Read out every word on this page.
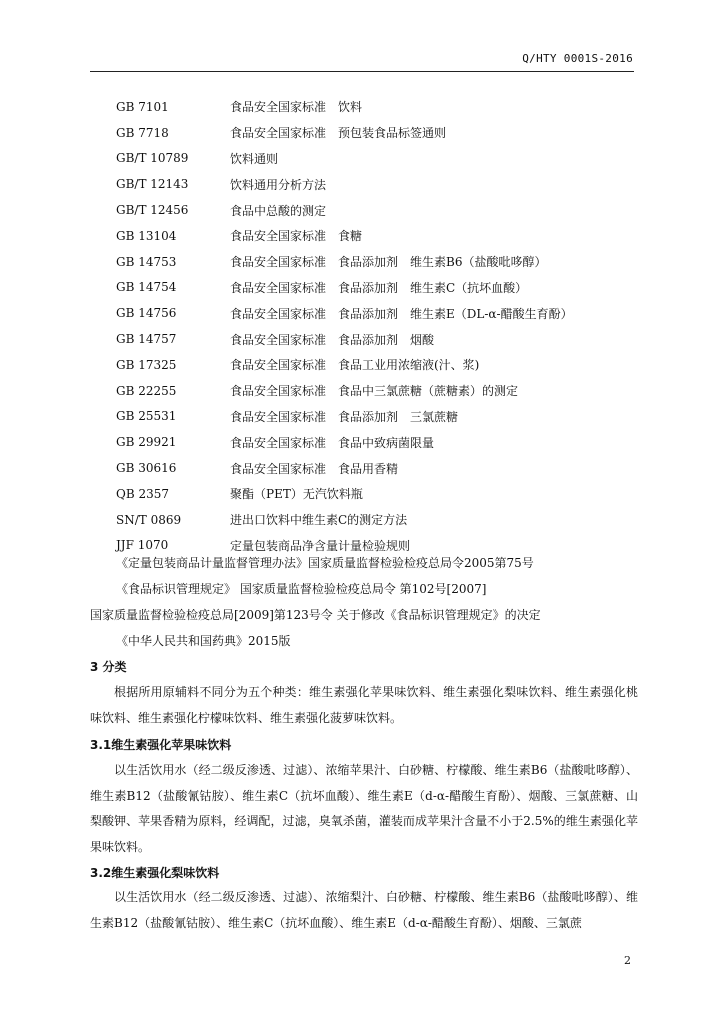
Q/HTY 0001S-2016
GB 7101	食品安全国家标准　饮料
GB 7718	食品安全国家标准　预包装食品标签通则
GB/T 10789	饮料通则
GB/T 12143	饮料通用分析方法
GB/T 12456	食品中总酸的测定
GB 13104	食品安全国家标准　食糖
GB 14753	食品安全国家标准　食品添加剂　维生素B6（盐酸吡哆醇）
GB 14754	食品安全国家标准　食品添加剂　维生素C（抗坏血酸）
GB 14756	食品安全国家标准　食品添加剂　维生素E（DL-α-醋酸生育酚）
GB 14757	食品安全国家标准　食品添加剂　烟酸
GB 17325	食品安全国家标准　食品工业用浓缩液(汁、浆)
GB 22255	食品安全国家标准　食品中三氯蔗糖（蔗糖素）的测定
GB 25531	食品安全国家标准　食品添加剂　三氯蔗糖
GB 29921	食品安全国家标准　食品中致病菌限量
GB 30616	食品安全国家标准　食品用香精
QB 2357	聚酯（PET）无汽饮料瓶
SN/T 0869	进出口饮料中维生素C的测定方法
JJF 1070	定量包装商品净含量计量检验规则
《定量包装商品计量监督管理办法》国家质量监督检验检疫总局令2005第75号
《食品标识管理规定》 国家质量监督检验检疫总局令 第102号[2007]
国家质量监督检验检疫总局[2009]第123号令 关于修改《食品标识管理规定》的决定
《中华人民共和国药典》2015版
3 分类
根据所用原辅料不同分为五个种类：维生素强化苹果味饮料、维生素强化梨味饮料、维生素强化桃味饮料、维生素强化柠檬味饮料、维生素强化菠萝味饮料。
3.1维生素强化苹果味饮料
以生活饮用水（经二级反渗透、过滤）、浓缩苹果汁、白砂糖、柠檬酸、维生素B6（盐酸吡哆醇）、维生素B12（盐酸氰钴胺）、维生素C（抗坏血酸）、维生素E（d-α-醋酸生育酚）、烟酸、三氯蔗糖、山梨酸钾、苹果香精为原料，经调配，过滤，臭氧杀菌，灌装而成苹果汁含量不小于2.5%的维生素强化苹果味饮料。
3.2维生素强化梨味饮料
以生活饮用水（经二级反渗透、过滤）、浓缩梨汁、白砂糖、柠檬酸、维生素B6（盐酸吡哆醇）、维生素B12（盐酸氰钴胺）、维生素C（抗坏血酸）、维生素E（d-α-醋酸生育酚）、烟酸、三氯蔗
2
